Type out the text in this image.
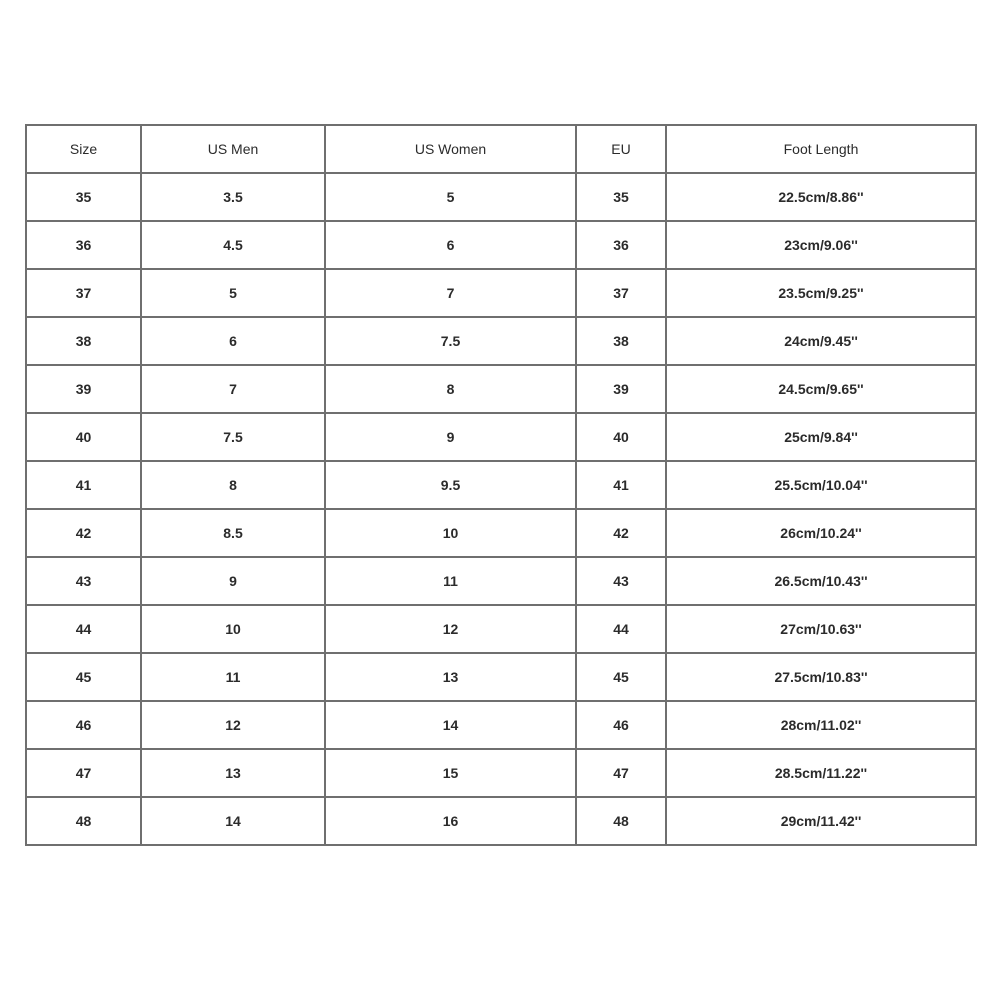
Size	US Men	US Women	EU	Foot Length
35	3.5	5	35	22.5cm/8.86''
36	4.5	6	36	23cm/9.06''
37	5	7	37	23.5cm/9.25''
38	6	7.5	38	24cm/9.45''
39	7	8	39	24.5cm/9.65''
40	7.5	9	40	25cm/9.84''
41	8	9.5	41	25.5cm/10.04''
42	8.5	10	42	26cm/10.24''
43	9	11	43	26.5cm/10.43''
44	10	12	44	27cm/10.63''
45	11	13	45	27.5cm/10.83''
46	12	14	46	28cm/11.02''
47	13	15	47	28.5cm/11.22''
48	14	16	48	29cm/11.42''
